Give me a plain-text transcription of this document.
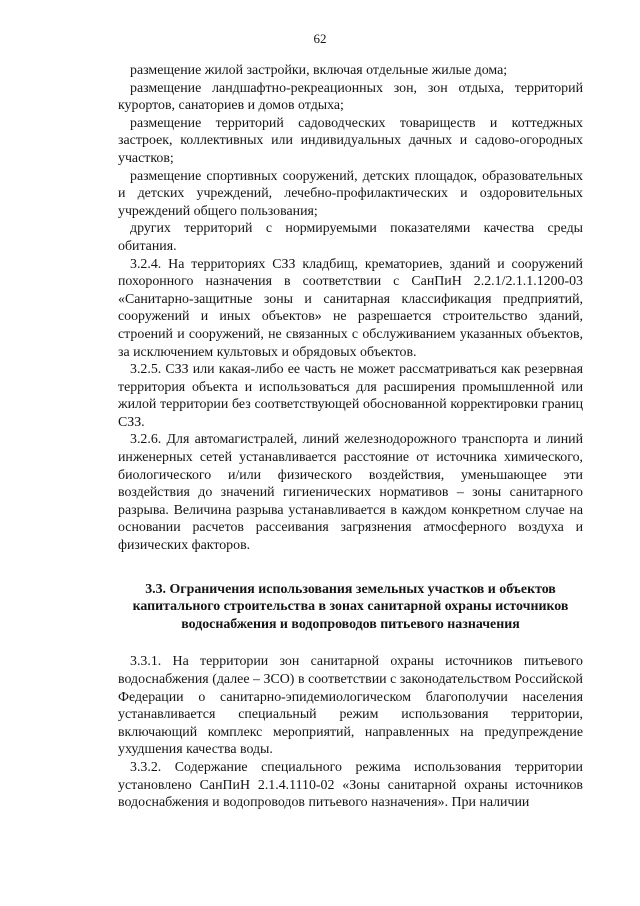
62

размещение жилой застройки, включая отдельные жилые дома;

размещение ландшафтно-рекреационных зон, зон отдыха, территорий курортов, санаториев и домов отдыха;

размещение территорий садоводческих товариществ и коттеджных застроек, коллективных или индивидуальных дачных и садово-огородных участков;

размещение спортивных сооружений, детских площадок, образовательных и детских учреждений, лечебно-профилактических и оздоровительных учреждений общего пользования;

других территорий с нормируемыми показателями качества среды обитания.

3.2.4. На территориях СЗЗ кладбищ, крематориев, зданий и сооружений похоронного назначения в соответствии с СанПиН 2.2.1/2.1.1.1200-03 «Санитарно-защитные зоны и санитарная классификация предприятий, сооружений и иных объектов» не разрешается строительство зданий, строений и сооружений, не связанных с обслуживанием указанных объектов, за исключением культовых и обрядовых объектов.

3.2.5. СЗЗ или какая-либо ее часть не может рассматриваться как резервная территория объекта и использоваться для расширения промышленной или жилой территории без соответствующей обоснованной корректировки границ СЗЗ.

3.2.6. Для автомагистралей, линий железнодорожного транспорта и линий инженерных сетей устанавливается расстояние от источника химического, биологического и/или физического воздействия, уменьшающее эти воздействия до значений гигиенических нормативов – зоны санитарного разрыва. Величина разрыва устанавливается в каждом конкретном случае на основании расчетов рассеивания загрязнения атмосферного воздуха и физических факторов.

3.3. Ограничения использования земельных участков и объектов капитального строительства в зонах санитарной охраны источников водоснабжения и водопроводов питьевого назначения

3.3.1. На территории зон санитарной охраны источников питьевого водоснабжения (далее – ЗСО) в соответствии с законодательством Российской Федерации о санитарно-эпидемиологическом благополучии населения устанавливается специальный режим использования территории, включающий комплекс мероприятий, направленных на предупреждение ухудшения качества воды.

3.3.2. Содержание специального режима использования территории установлено СанПиН 2.1.4.1110-02 «Зоны санитарной охраны источников водоснабжения и водопроводов питьевого назначения». При наличии
